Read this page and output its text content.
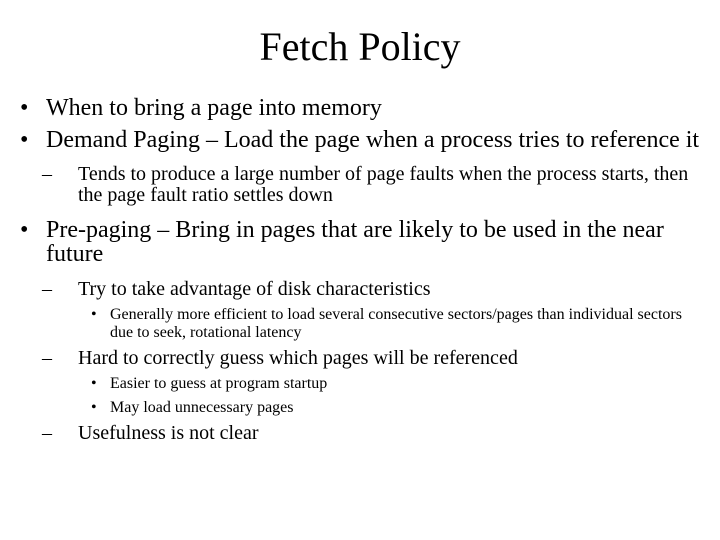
Fetch Policy
• When to bring a page into memory
• Demand Paging – Load the page when a process tries to reference it
– Tends to produce a large number of page faults when the process starts, then the page fault ratio settles down
• Pre-paging – Bring in pages that are likely to be used in the near future
– Try to take advantage of disk characteristics
• Generally more efficient to load several consecutive sectors/pages than individual sectors due to seek, rotational latency
– Hard to correctly guess which pages will be referenced
• Easier to guess at program startup
• May load unnecessary pages
– Usefulness is not clear
